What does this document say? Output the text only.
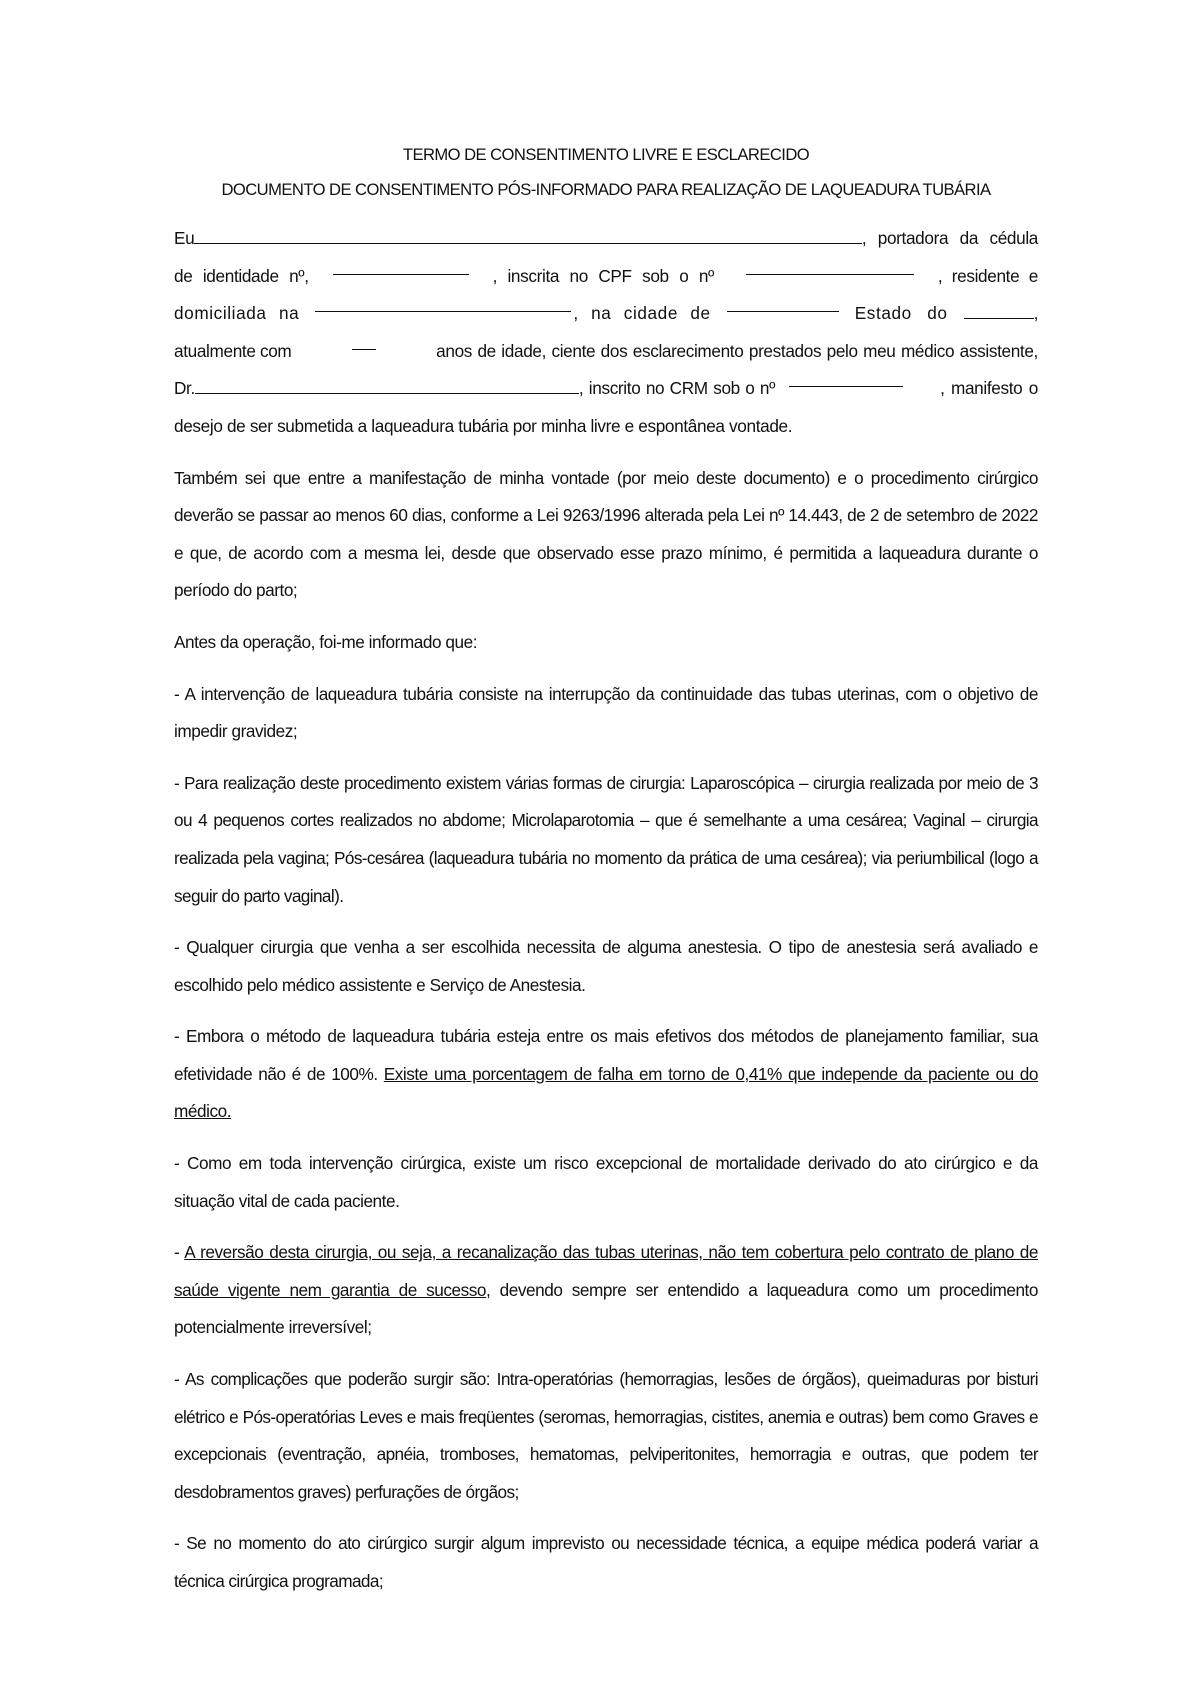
TERMO DE CONSENTIMENTO LIVRE E ESCLARECIDO
DOCUMENTO DE CONSENTIMENTO PÓS-INFORMADO PARA REALIZAÇÃO DE LAQUEADURA TUBÁRIA
Eu	, portadora da cédula
de identidade nº,	, inscrita no CPF sob o nº	, residente e
domiciliada na	, na cidade de	Estado do	,
atualmente com	anos de idade, ciente dos esclarecimento prestados pelo meu médico assistente,
Dr.	, inscrito no CRM sob o nº	, manifesto o
desejo de ser submetida a laqueadura tubária por minha livre e espontânea vontade.

Também sei que entre a manifestação de minha vontade (por meio deste documento) e o procedimento cirúrgico deverão se passar ao menos 60 dias, conforme a Lei 9263/1996 alterada pela Lei nº 14.443, de 2 de setembro de 2022 e que, de acordo com a mesma lei, desde que observado esse prazo mínimo, é permitida a laqueadura durante o período do parto;

Antes da operação, foi-me informado que:

- A intervenção de laqueadura tubária consiste na interrupção da continuidade das tubas uterinas, com o objetivo de impedir gravidez;

- Para realização deste procedimento existem várias formas de cirurgia: Laparoscópica – cirurgia realizada por meio de 3 ou 4 pequenos cortes realizados no abdome; Microlaparotomia – que é semelhante a uma cesárea; Vaginal – cirurgia realizada pela vagina; Pós-cesárea (laqueadura tubária no momento da prática de uma cesárea); via periumbilical (logo a seguir do parto vaginal).

- Qualquer cirurgia que venha a ser escolhida necessita de alguma anestesia. O tipo de anestesia será avaliado e escolhido pelo médico assistente e Serviço de Anestesia.

- Embora o método de laqueadura tubária esteja entre os mais efetivos dos métodos de planejamento familiar, sua efetividade não é de 100%. Existe uma porcentagem de falha em torno de 0,41% que independe da paciente ou do médico.

- Como em toda intervenção cirúrgica, existe um risco excepcional de mortalidade derivado do ato cirúrgico e da situação vital de cada paciente.

- A reversão desta cirurgia, ou seja, a recanalização das tubas uterinas, não tem cobertura pelo contrato de plano de saúde vigente nem garantia de sucesso, devendo sempre ser entendido a laqueadura como um procedimento potencialmente irreversível;

- As complicações que poderão surgir são: Intra-operatórias (hemorragias, lesões de órgãos), queimaduras por bisturi elétrico e Pós-operatórias Leves e mais freqüentes (seromas, hemorragias, cistites, anemia e outras) bem como Graves e excepcionais (eventração, apnéia, tromboses, hematomas, pelviperitonites, hemorragia e outras, que podem ter desdobramentos graves) perfurações de órgãos;

- Se no momento do ato cirúrgico surgir algum imprevisto ou necessidade técnica, a equipe médica poderá variar a técnica cirúrgica programada;
